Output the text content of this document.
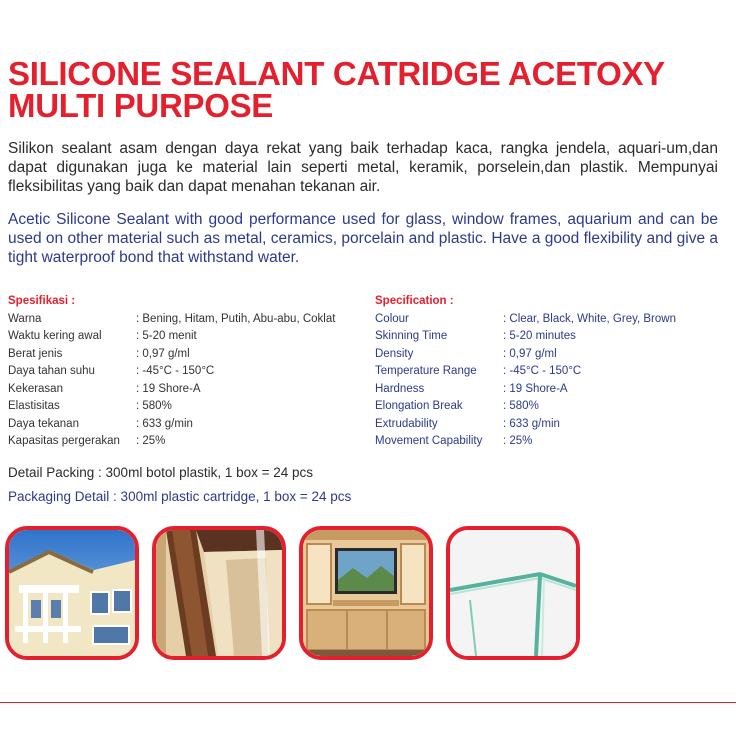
SILICONE SEALANT CATRIDGE ACETOXY
MULTI PURPOSE

Silikon sealant asam dengan daya rekat yang baik terhadap kaca, rangka jendela, aquari-um,dan dapat digunakan juga ke material lain seperti metal, keramik, porselein,dan plastik. Mempunyai fleksibilitas yang baik dan dapat menahan tekanan air.

Acetic Silicone Sealant with good performance used for glass, window frames, aquarium and can be used on other material such as metal, ceramics, porcelain and plastic. Have a good flexibility and give a tight waterproof bond that withstand water.

Spesifikasi :
Warna	: Bening, Hitam, Putih, Abu-abu, Coklat
Waktu kering awal	: 5-20 menit
Berat jenis	: 0,97 g/ml
Daya tahan suhu	: -45°C - 150°C
Kekerasan	: 19 Shore-A
Elastisitas	: 580%
Daya tekanan	: 633 g/min
Kapasitas pergerakan	: 25%
Specification :
Colour	: Clear, Black, White, Grey, Brown
Skinning Time	: 5-20 minutes
Density	: 0,97 g/ml
Temperature Range	: -45°C - 150°C
Hardness	: 19 Shore-A
Elongation Break	: 580%
Extrudability	: 633 g/min
Movement Capability	: 25%

Detail Packing : 300ml botol plastik, 1 box = 24 pcs

Packaging Detail : 300ml plastic cartridge, 1 box = 24 pcs
